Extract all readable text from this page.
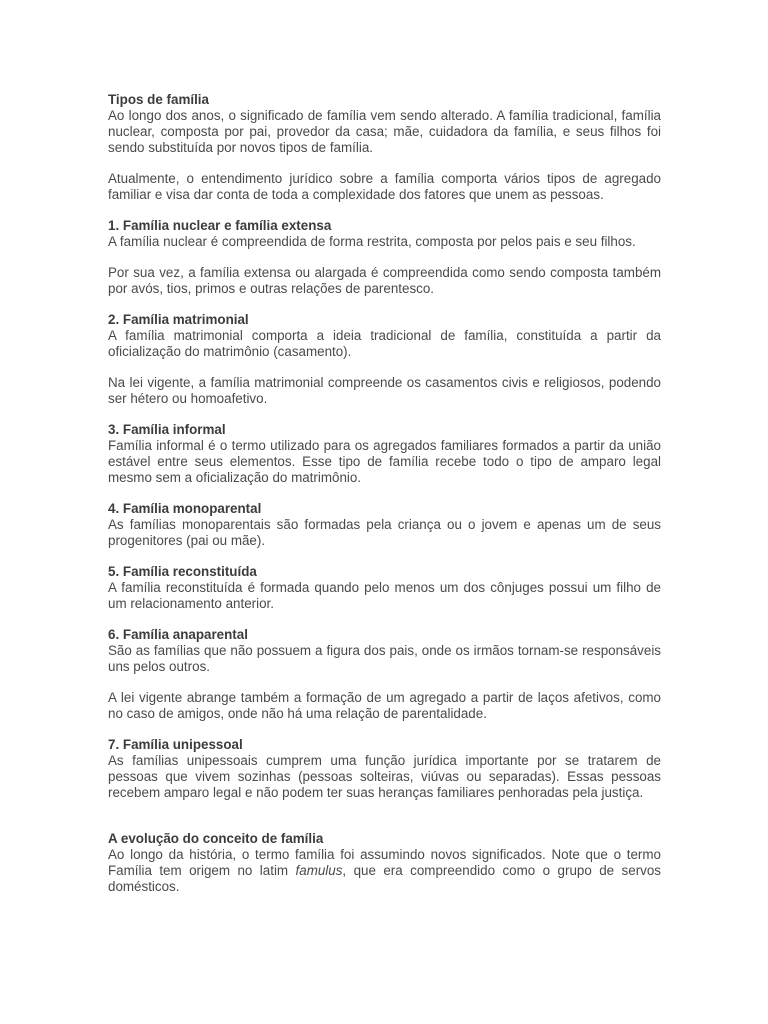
Tipos de família

Ao longo dos anos, o significado de família vem sendo alterado. A família tradicional, família nuclear, composta por pai, provedor da casa; mãe, cuidadora da família, e seus filhos foi sendo substituída por novos tipos de família.

Atualmente, o entendimento jurídico sobre a família comporta vários tipos de agregado familiar e visa dar conta de toda a complexidade dos fatores que unem as pessoas.

1. Família nuclear e família extensa

A família nuclear é compreendida de forma restrita, composta por pelos pais e seu filhos.

Por sua vez, a família extensa ou alargada é compreendida como sendo composta também por avós, tios, primos e outras relações de parentesco.

2. Família matrimonial

A família matrimonial comporta a ideia tradicional de família, constituída a partir da oficialização do matrimônio (casamento).

Na lei vigente, a família matrimonial compreende os casamentos civis e religiosos, podendo ser hétero ou homoafetivo.

3. Família informal

Família informal é o termo utilizado para os agregados familiares formados a partir da união estável entre seus elementos. Esse tipo de família recebe todo o tipo de amparo legal mesmo sem a oficialização do matrimônio.

4. Família monoparental

As famílias monoparentais são formadas pela criança ou o jovem e apenas um de seus progenitores (pai ou mãe).

5. Família reconstituída

A família reconstituída é formada quando pelo menos um dos cônjuges possui um filho de um relacionamento anterior.

6. Família anaparental

São as famílias que não possuem a figura dos pais, onde os irmãos tornam-se responsáveis uns pelos outros.

A lei vigente abrange também a formação de um agregado a partir de laços afetivos, como no caso de amigos, onde não há uma relação de parentalidade.

7. Família unipessoal

As famílias unipessoais cumprem uma função jurídica importante por se tratarem de pessoas que vivem sozinhas (pessoas solteiras, viúvas ou separadas). Essas pessoas recebem amparo legal e não podem ter suas heranças familiares penhoradas pela justiça.

A evolução do conceito de família

Ao longo da história, o termo família foi assumindo novos significados. Note que o termo Família tem origem no latim famulus, que era compreendido como o grupo de servos domésticos.
